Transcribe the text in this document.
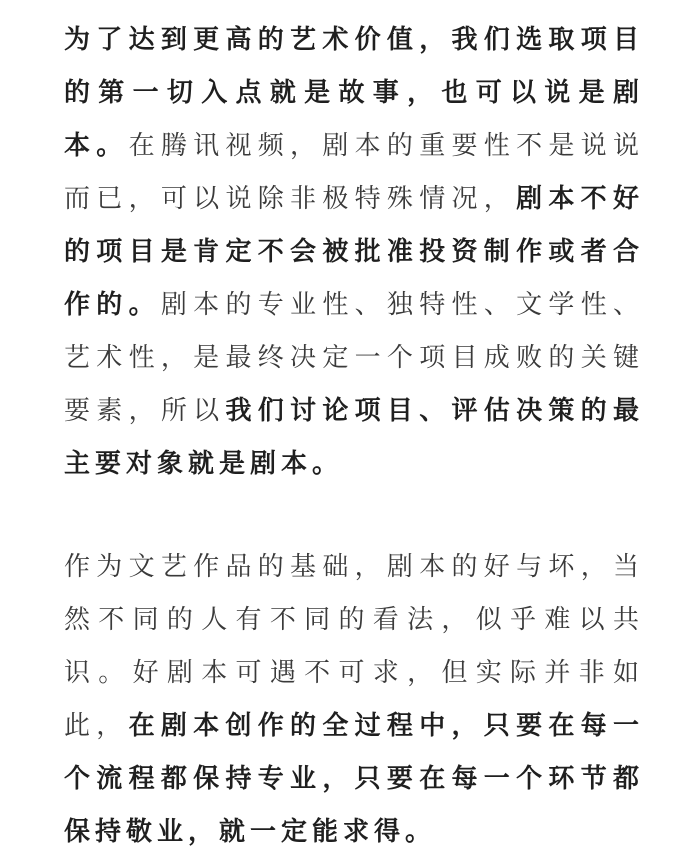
为了达到更高的艺术价值，我们选取项目的第一切入点就是故事，也可以说是剧本。在腾讯视频，剧本的重要性不是说说而已，可以说除非极特殊情况，剧本不好的项目是肯定不会被批准投资制作或者合作的。剧本的专业性、独特性、文学性、艺术性，是最终决定一个项目成败的关键要素，所以我们讨论项目、评估决策的最主要对象就是剧本。

作为文艺作品的基础，剧本的好与坏，当然不同的人有不同的看法，似乎难以共识。好剧本可遇不可求，但实际并非如此，在剧本创作的全过程中，只要在每一个流程都保持专业，只要在每一个环节都保持敬业，就一定能求得。
